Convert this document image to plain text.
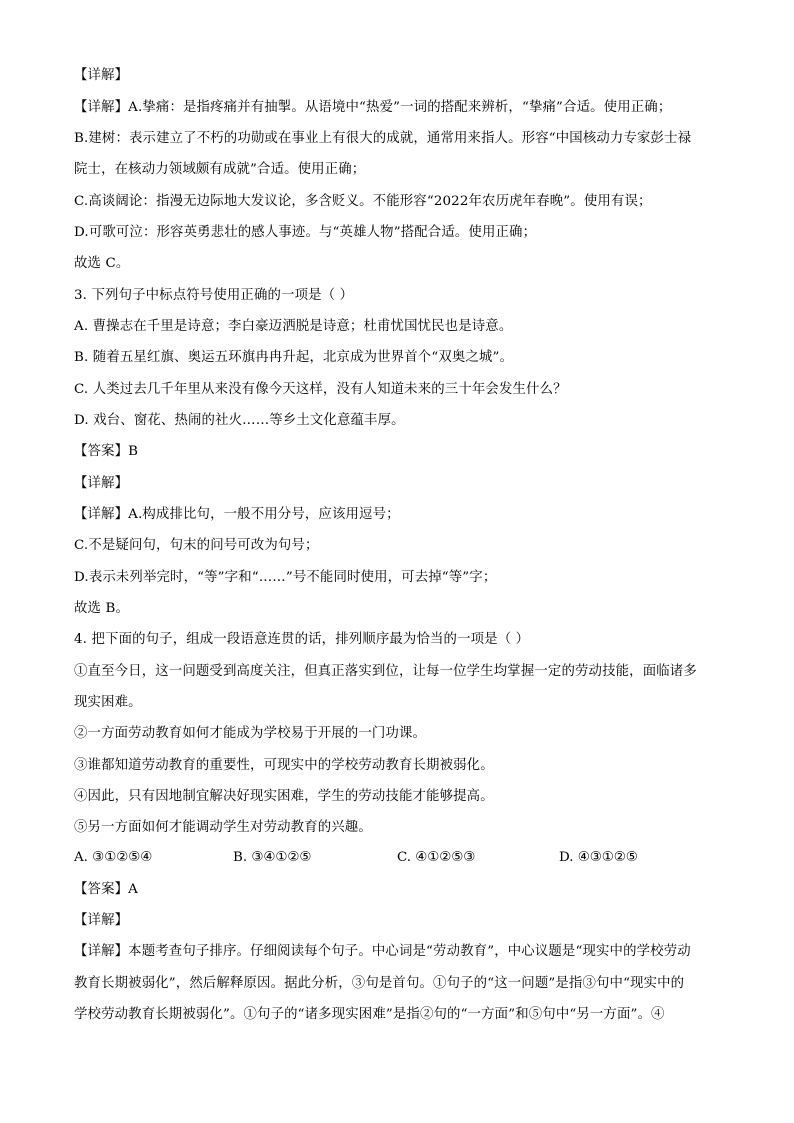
【详解】
【详解】A.挚痛：是指疼痛并有抽掣。从语境中“热爱”一词的搭配来辨析，“挚痛”合适。使用正确；
B.建树：表示建立了不朽的功勋或在事业上有很大的成就，通常用来指人。形容“中国核动力专家彭士禄
院士，在核动力领域颇有成就”合适。使用正确；
C.高谈阔论：指漫无边际地大发议论，多含贬义。不能形容“2022年农历虎年春晚”。使用有误；
D.可歌可泣：形容英勇悲壮的感人事迹。与“英雄人物”搭配合适。使用正确；
故选 C。
3. 下列句子中标点符号使用正确的一项是（ ）
A. 曹操志在千里是诗意；李白豪迈洒脱是诗意；杜甫忧国忧民也是诗意。
B. 随着五星红旗、奥运五环旗冉冉升起，北京成为世界首个“双奥之城”。
C. 人类过去几千年里从来没有像今天这样，没有人知道未来的三十年会发生什么？
D. 戏台、窗花、热闹的社火……等乡土文化意蕴丰厚。
【答案】B
【详解】
【详解】A.构成排比句，一般不用分号，应该用逗号；
C.不是疑问句，句末的问号可改为句号；
D.表示未列举完时，“等”字和“……”号不能同时使用，可去掉“等”字；
故选 B。
4. 把下面的句子，组成一段语意连贯的话，排列顺序最为恰当的一项是（ ）
①直至今日，这一问题受到高度关注，但真正落实到位，让每一位学生均掌握一定的劳动技能，面临诸多
现实困难。
②一方面劳动教育如何才能成为学校易于开展的一门功课。
③谁都知道劳动教育的重要性，可现实中的学校劳动教育长期被弱化。
④因此，只有因地制宜解决好现实困难，学生的劳动技能才能够提高。
⑤另一方面如何才能调动学生对劳动教育的兴趣。
A. ③①②⑤④	B. ③④①②⑤	C. ④①②⑤③	D. ④③①②⑤
【答案】A
【详解】
【详解】本题考查句子排序。仔细阅读每个句子。中心词是“劳动教育”，中心议题是“现实中的学校劳动
教育长期被弱化”，然后解释原因。据此分析，③句是首句。①句子的“这一问题”是指③句中“现实中的
学校劳动教育长期被弱化”。①句子的“诸多现实困难”是指②句的“一方面”和⑤句中“另一方面”。④
